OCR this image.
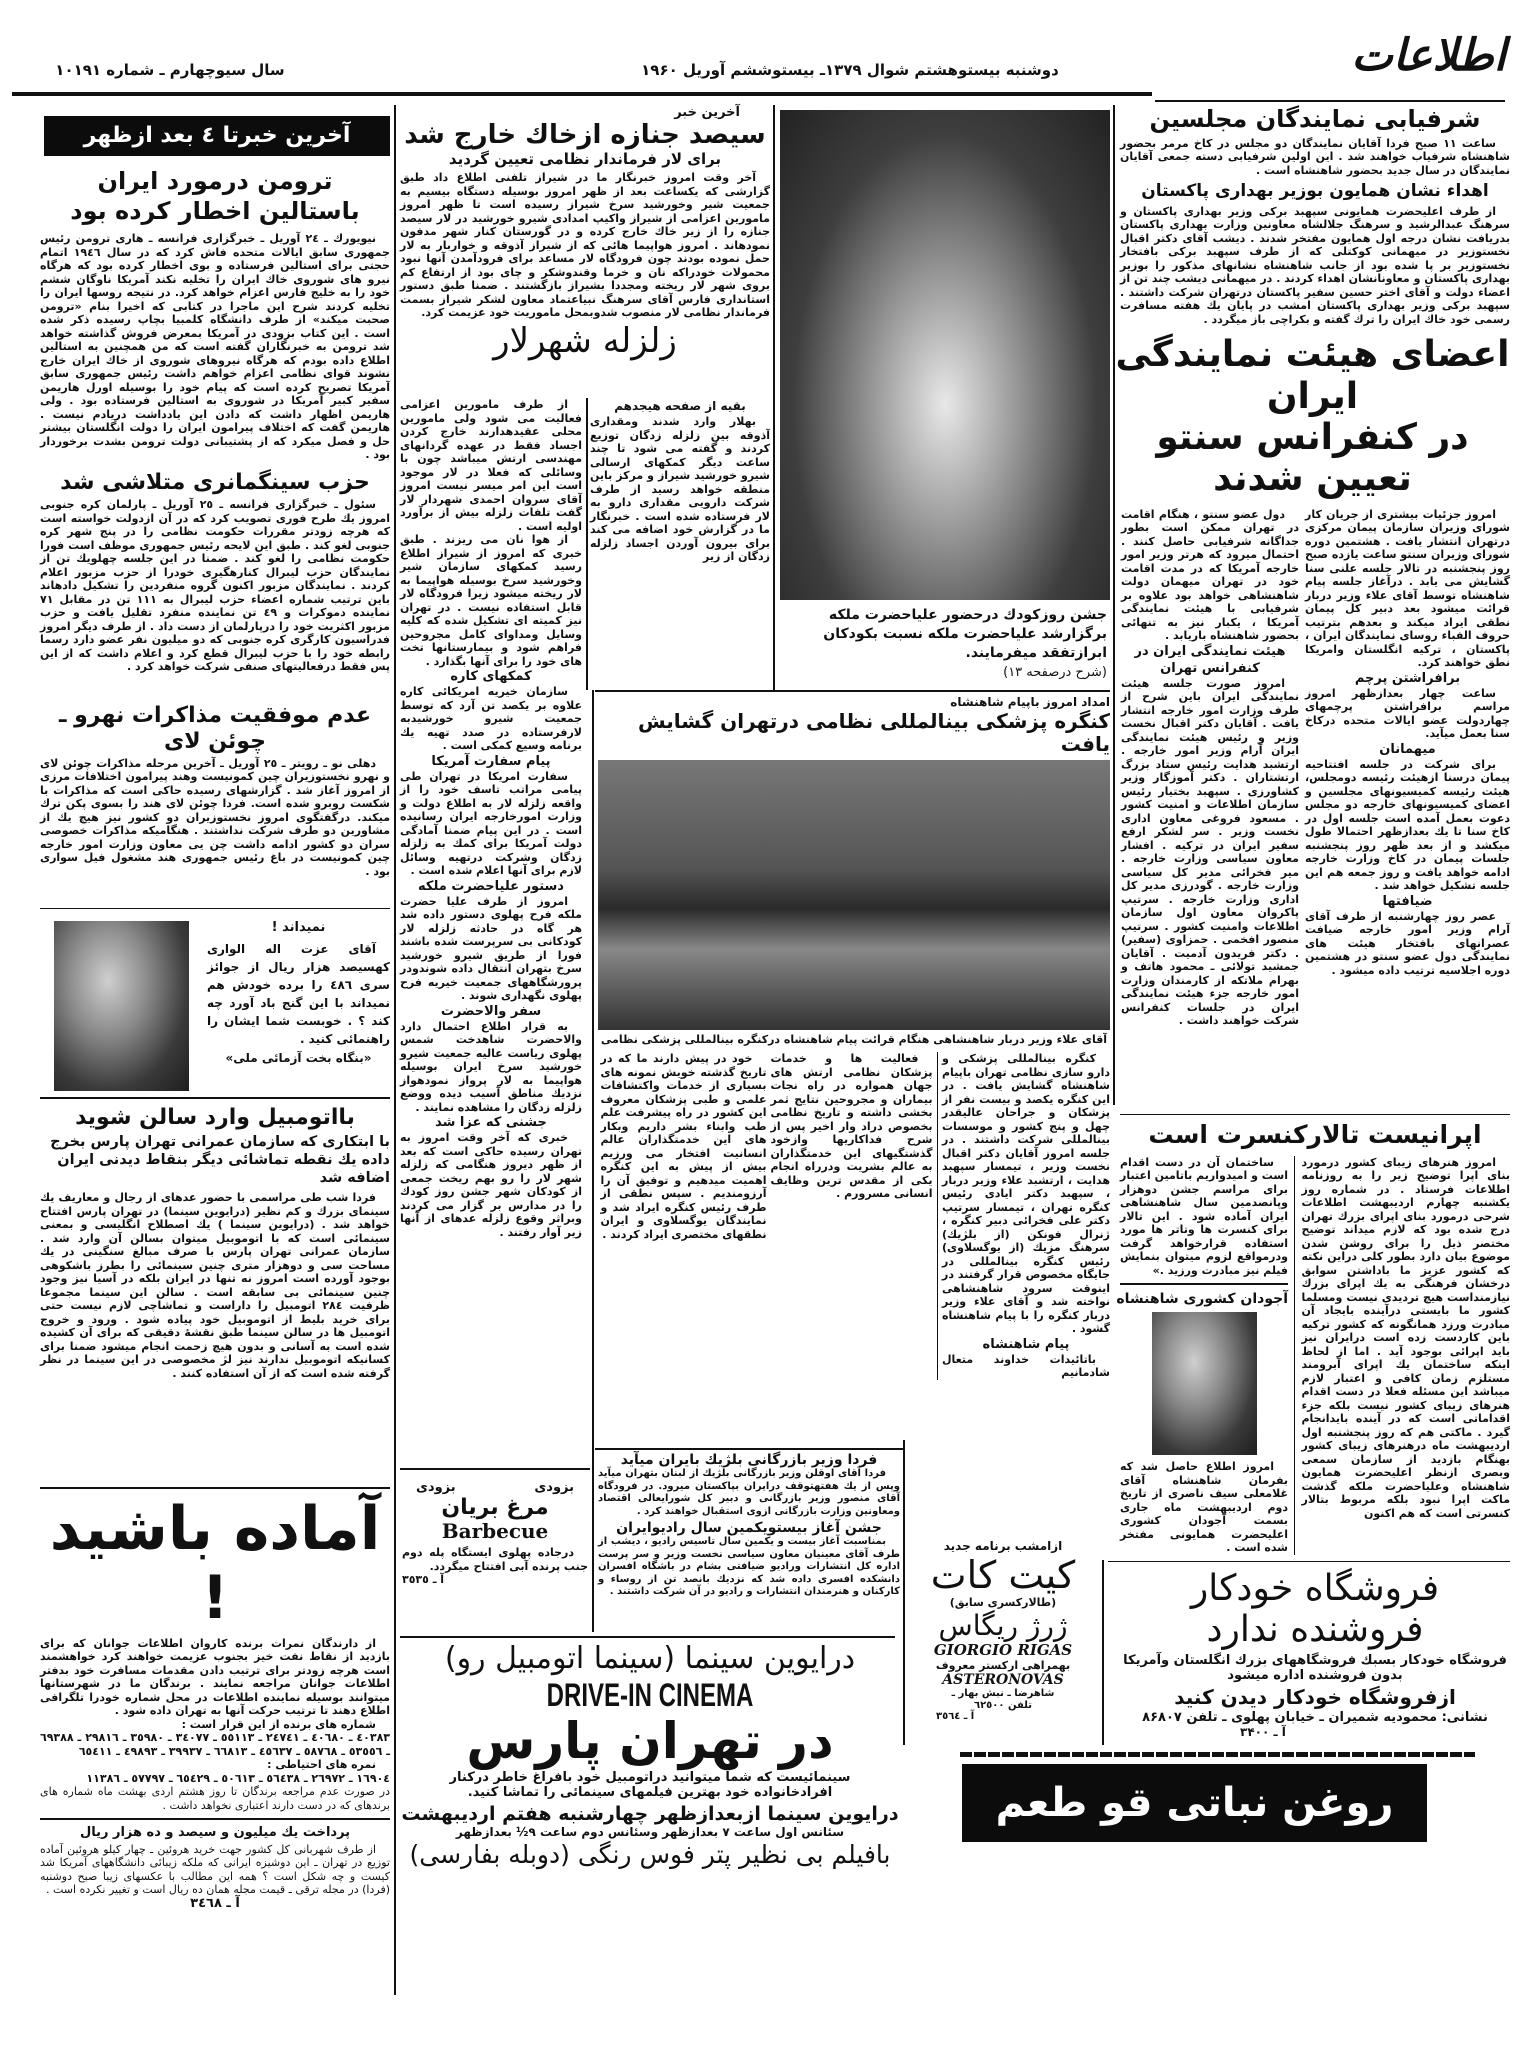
اطلاعات
دوشنبه بیستوهشتم شوال ۱۳۷۹ـ بیستوششم آوریل ۱۹۶۰
سال سیوچهارم ـ شماره ۱۰۱۹۱
شرفیابی نمایندگان مجلسین
ساعت ۱۱ صبح فردا آقایان نمایندگان دو مجلس در کاخ مرمر بحضور شاهنشاه شرفیاب خواهند شد . این اولین شرفیابی دسته جمعی آقایان نمایندگان در سال جدید بحضور شاهنشاه است .
اهداء نشان همایون بوزیر بهداری پاکستان
از طرف اعلیحضرت همایونی سپهبد برکی وزیر بهداری پاکستان و سرهنگ عبدالرشید و سرهنگ جلالشاه معاونین وزارت بهداری پاکستان بدریافت نشان درجه اول همایون مفتخر شدند . دیشب آقای دکتر اقبال نخستوزیر در میهمانی کوکتلی که از طرف سپهبد برکی بافتخار نخستوزیر بر پا شده بود از جانب شاهنشاه نشانهای مذکور را بوزیر بهداری پاکستان و معاونانشان اهداء کردند . در میهمانی دیشب چند تن از اعضاء دولت و آقای اختر حسین سفیر پاکستان درتهران شرکت داشتند . سپهبد برکی وزیر بهداری پاکستان امشب در پایان یك هفته مسافرت رسمی خود خاك ایران را ترك گفته و بکراچی باز میگردد .
اعضای هیئت نمایندگی ایران
در کنفرانس سنتو تعیین شدند
امروز جزئیات بیشتری از جریان کار شورای وزیران سازمان پیمان مرکزی درتهران انتشار یافت . هشتمین دوره شورای وزیران سنتو ساعت یازده صبح روز پنجشنبه در تالار جلسه علنی سنا گشایش می یابد . درآغاز جلسه پیام شاهنشاه توسط آقای علاء وزیر دربار قرائت میشود بعد دبیر کل پیمان نطقی ایراد میکند و بعدهم بترتیب حروف الفباء روسای نمایندگان ایران ، پاکستان ، ترکیه انگلستان وامریکا نطق خواهند کرد.
برافراشتن پرچم
ساعت چهار بعدازظهر امروز مراسم برافراشتن پرچمهای چهاردولت عضو ایالات متحده درکاخ سنا بعمل میآید.
میهمانان
برای شرکت در جلسه افتتاحیه پیمان درسنا ازهیئت رئیسه دومجلس، هیئت رئیسه کمیسیونهای مجلسین و اعضای کمیسیونهای خارجه دو مجلس دعوت بعمل آمده است جلسه اول در کاخ سنا تا یك بعدازظهر احتمالا طول میکشد و از بعد ظهر روز پنجشنبه جلسات پیمان در کاخ وزارت خارجه ادامه خواهد یافت و روز جمعه هم این جلسه تشکیل خواهد شد .
ضیافتها
عصر روز چهارشنبه از طرف آقای آرام وزیر امور خارجه ضیافت عصرانهای بافتخار هیئت های نمایندگی دول عضو سنتو در هشتمین دوره اجلاسیه ترتیب داده میشود .
دول عضو سنتو ، هنگام اقامت در تهران ممکن است بطور جداگانه شرفیابی حاصل کنند . احتمال میرود که هرتر وزیر امور خارجه آمریکا که در مدت اقامت خود در تهران میهمان دولت شاهنشاهی خواهد بود علاوه بر شرفیابی با هیئت نمایندگی آمریکا ، یکبار نیز به تنهائی بحضور شاهنشاه باریابد .
هیئت نمایندگی ایران در کنفرانس تهران
امروز صورت جلسه هیئت نمایندگی ایران باین شرح از طرف وزارت امور خارجه انتشار یافت . آقایان دکتر اقبال نخست وزیر و رئیس هیئت نمایندگی ایران آرام وزیر امور خارجه . ارتشبد هدایت رئیس ستاد بزرگ ارتشتاران . دکتر آموزگار وزیر کشاورزی . سپهبد بختیار رئیس سازمان اطلاعات و امنیت کشور . مسعود فروغی معاون اداری نخست وزیر . سر لشکر ارفع سفیر ایران در ترکیه . افشار معاون سیاسی وزارت خارجه . میر فخرائی مدیر کل سیاسی وزارت خارجه . گودرزی مدیر کل اداری وزارت خارجه . سرتیپ پاکروان معاون اول سازمان اطلاعات وامنیت کشور . سرتیپ منصور افخمی . حمزاوی (سفیر) . دکتر فریدون آدمیت . آقایان جمشید تولائی ـ محمود هاتف و بهرام ملاتکه از کارمندان وزارت امور خارجه جزء هیئت نمایندگی ایران در جلسات کنفرانس شرکت خواهند داشت .
اپرانیست تالارکنسرت است
امروز هنرهای زیبای کشور درمورد بنای اپرا توضیح زیر را به روزنامه اطلاعات فرستاد . در شماره روز یکشنبه چهارم اردیبهشت اطلاعات شرحی درمورد بنای اپرای بزرك تهران درج شده بود که لازم میداند توضیح مختصر ذیل را برای روشن شدن موضوع بیان دارد بطور کلی دراین نکته که کشور عزیز ما باداشتن سوابق درخشان فرهنگی به یك اپرای بزرك نیازمنداست هیچ تردیدی نیست ومسلما کشور ما بایستی درآینده بایجاد آن مبادرت ورزد همانگونه که کشور ترکیه باین کاردست زده است درایران نیز باید اپرائی بوجود آید . اما از لحاظ اینکه ساختمان یك اپرای آبرومند مستلزم زمان کافی و اعتبار لازم میباشد این مسئله فعلا در دست اقدام هنرهای زیبای کشور نیست بلکه جزء اقداماتی است که در آینده بایدانجام گیرد . ماکتی هم که روز پنجشنبه اول اردیبهشت ماه درهنرهای زیبای کشور بهنگام بازدید از سازمان سمعی وبصری ازنظر اعلیحضرت همایون شاهنشاه وعلیاحضرت ملکه گذشت ماکت اپرا نبود بلکه مربوط بتالار کنسرتی است که هم اکنون
ساختمان آن در دست اقدام است و امیدواریم باتامین اعتبار برای مراسم جشن دوهزار وپانصدمین سال شاهنشاهی ایران آماده شود . این تالار برای کنسرت ها وتاتر ها مورد استفاده قرارخواهد گرفت ودرمواقع لزوم میتوان بنمایش فیلم نیز مبادرت ورزید .»
آجودان کشوری شاهنشاه
امروز اطلاع حاصل شد که بفرمان شاهنشاه آقای غلامعلی سیف ناصری از تاریخ دوم اردیبهشت ماه جاری بسمت آجودان کشوری اعلیحضرت همایونی مفتخر شده است .
فروشگاه خودکار
فروشنده ندارد
فروشگاه خودکار بسبك فروشگاههای بزرك انگلستان وآمریکا بدون فروشنده اداره میشود
ازفروشگاه خودکار دیدن کنید
نشانی: محمودیه شمیران ـ خیابان پهلوی ـ تلفن ۸۶۸۰۷
آ ـ ۳۴۰۰
روغن نباتی قو طعم کره دارد
آخرین خبرتا ٤ بعد ازظهر
ترومن درمورد ایران باستالین اخطار کرده بود
نیویورك ـ ٢٤ آوریل ـ خبرگزاری فرانسه ـ هاری ترومن رئیس جمهوری سابق ایالات متحده فاش کرد که در سال ۱۹٤٦ اتمام حجتی برای استالین فرستاده و بوی اخطار کرده بود که هرگاه نیرو های شوروی خاك ایران را تخلیه نکند آمریکا ناوگان ششم خود را به خلیج فارس اعزام خواهد کرد. در نتیجه روسها ایران را تخلیه کردند شرح این ماجرا در کتابی که اخیرا بنام «ترومن صحبت میکند» از طرف دانشگاه کلمبیا بچاپ رسیده ذکر شده است . این کتاب بزودی در آمریکا بمعرض فروش گذاشته خواهد شد ترومن به خبرنگاران گفته است که من همچنین به استالین اطلاع داده بودم که هرگاه نیروهای شوروی از خاك ایران خارج نشوند قوای نظامی اعزام خواهم داشت رئیس جمهوری سابق آمریکا تصریح کرده است که پیام خود را بوسیله اورل هاریمن سفیر کبیر آمریکا در شوروی به استالین فرستاده بود . ولی هاریمن اظهار داشت که دادن این یادداشت دریادم نیست . هاریمن گفت که اختلاف پیرامون ایران را دولت انگلستان بیشتر حل و فصل میکرد که از پشتیبانی دولت ترومن بشدت برخوردار بود .
حزب سینگمانری متلاشی شد
سئول ـ خبرگزاری فرانسه ـ ٢٥ آوریل ـ پارلمان کره جنوبی امروز یك طرح فوری تصویب کرد که در آن ازدولت خواسته است که هرچه زودتر مقررات حکومت نظامی را در پنج شهر کره جنوبی لغو کند . طبق این لایحه رئیس جمهوری موظف است فورا حکومت نظامی را لغو کند . ضمنا در این جلسه چهلویك تن از نمایندگان حزب لیبرال کنارهگیری خودرا از حزب مزبور اعلام کردند . نمایندگان مزبور اکنون گروه منفردین را تشکیل دادهاند باین ترتیب شماره اعضاء حزب لیبرال به ۱۱۱ تن در مقابل ۷۱ نماینده دموکرات و ٤٩ تن نماینده منفرد تقلیل یافت و حزب مزبور اکثریت خود را درپارلمان از دست داد . از طرف دیگر امروز فدراسیون کارگری کره جنوبی که دو میلیون نفر عضو دارد رسما رابطه خود را با حزب لیبرال قطع کرد و اعلام داشت که از این پس فقط درفعالیتهای صنفی شرکت خواهد کرد .
عدم موفقیت مذاکرات نهرو ـ چوئن لای
دهلی نو ـ رویتر ـ ٢٥ آوریل ـ آخرین مرحله مذاکرات چوئن لای و نهرو نخستوزیران چین کمونیست وهند پیرامون اختلافات مرزی از امروز آغاز شد . گزارشهای رسیده حاکی است که مذاکرات با شکست روبرو شده است. فردا چوئن لای هند را بسوی پکن ترك میکند. درگفتگوی امروز نخستوزیران دو کشور نیز هیچ یك از مشاورین دو طرف شرکت نداشتند . هنگامیکه مذاکرات خصوصی سران دو کشور ادامه داشت چن یی معاون وزارت امور خارجه چین کمونیست در باغ رئیس جمهوری هند مشغول فیل سواری بود .
نمیداند !
آقای عزت اله الواری کهسیصد هزار ریال از جوائز سری ٤٨٦ را برده خودش هم نمیداند با این گنج باد آورد چه کند ؟ . خوبست شما ایشان را راهنمائی کنید .
«بنگاه بخت آزمائی ملی»
بااتومبیل وارد سالن شوید
با ابتکاری که سازمان عمرانی تهران پارس بخرج داده یك نقطه تماشائی دیگر بنقاط دیدنی ایران اضافه شد
فردا شب طی مراسمی با حضور عدهای از رجال و معاریف یك سینمای بزرك و کم نظیر (درایوین سینما) در تهران پارس افتتاح خواهد شد . (درایوین سینما ) یك اصطلاح انگلیسی و بمعنی سینمائی است که با اتوموبیل میتوان بسالن آن وارد شد . سازمان عمرانی تهران پارس با صرف مبالغ سنگینی در یك مساحت سی و دوهزار متری چنین سینمائی را بطرز باشکوهی بوجود آورده است امروز نه تنها در ایران بلکه در آسیا نیز وجود چنین سینمائی بی سابقه است . سالن این سینما مجموعا ظرفیت ٢٨٤ اتومبیل را داراست و تماشاچی لازم نیست حتی برای خرید بلیط از اتوموبیل خود پیاده شود . ورود و خروج اتومبیل ها در سالن سینما طبق نقشهٔ دقیقی که برای آن کشیده شده است به آسانی و بدون هیچ زحمت انجام میشود ضمنا برای کسانیکه اتوموبیل ندارند نیز لژ مخصوصی در این سینما در نظر گرفته شده است که از آن استفاده کنند .
آماده باشید !
از دارندگان نمرات برنده کاروان اطلاعات جوانان که برای بازدید از نقاط نفت خیز بجنوب عزیمت خواهند کرد خواهشمند است هرچه زودتر برای ترتیب دادن مقدمات مسافرت خود بدفتر اطلاعات جوانان مراجعه نمایند . برندگان ما در شهرستانها میتوانند بوسیله نماینده اطلاعات در محل شماره خودرا تلگرافی اطلاع دهند تا ترتیب حرکت آنها به تهران داده شود .
شماره های برنده از این قرار است :
٤٠٣٨٣ ـ ٤٠٦٨٠ ـ ٢٤٧٤١ ـ ٥٥١١٣ ـ ٣٤٠٧٧ ـ ٣٥٩٨٠ ـ ٢٩٨١٦ ـ ٦٩٣٨٨ ـ ٥٣٥٥٦ ـ ٥٨٧٦٨ ـ ٤٥٦٣٧ ـ ٦٦٨١٣ ـ ٣٩٩٣٧ ـ ٤٩٨٩٣ ـ ٦٥٤١١
نمره های احتیاطی :
١٦٩٠٤ ـ ٢٦٩٧٢ ـ ٥٦٤٣٨ ـ ٥٠٦١٣ ـ ٦٥٤٢٩ ـ ٥٧٧٩٧ ـ ١١٣٨٦
در صورت عدم مراجعه برندگان تا روز هشتم اردی بهشت ماه شماره های برندهای که در دست دارند اعتباری نخواهد داشت .
پرداخت یك میلیون و سیصد و ده هزار ریال
از طرف شهربانی کل کشور جهت خرید هروئین ـ چهار کیلو هروئین آماده توزیع در تهران ـ این دوشیزه ایرانی که ملکه زیبائی دانشگاههای آمریکا شد کیست و چه شکل است ؟ همه این مطالب با عکسهای زیبا صبح دوشنبه (فردا) در مجله ترقی ـ قیمت مجله همان ده ریال است و تغییر نکرده است .
آ ـ ٣٤٦٨
آخرین خبر
سیصد جنازه ازخاك خارج شد
برای لار فرماندار نظامی تعیین گردید
آخر وقت امروز خبرنگار ما در شیراز تلفنی اطلاع داد طبق گزارشی که یکساعت بعد از ظهر امروز بوسیله دستگاه بیسیم به جمعیت شیر وخورشید سرخ شیراز رسیده است تا ظهر امروز مامورین اعزامی از شیراز واکیپ امدادی شیرو خورشید در لار سیصد جنازه را از زیر خاك خارج کرده و در گورستان کنار شهر مدفون نمودهاند . امروز هواپیما هائی که از شیراز آذوقه و خواربار به لار حمل نموده بودند چون فرودگاه لار مساعد برای فرودآمدن آنها نبود محمولات خودراکه نان و خرما وقندوشکر و چای بود از ارتفاع کم بروی شهر لار ریخته ومجددا بشیراز بازگشتند . ضمنا طبق دستور استانداری فارس آقای سرهنگ نبیاعتماد معاون لشکر شیراز بسمت فرماندار نظامی لار منصوب شدوبمحل ماموریت خود عزیمت کرد.
زلزله شهرلار
بقیه از صفحه هیجدهم
بهلار وارد شدند ومقداری آذوقه بین زلزله زدگان توزیع کردند و گفته می شود تا چند ساعت دیگر کمکهای ارسالی شیرو خورشید شیراز و مرکز باین منطقه خواهد رسید از طرف شرکت دارویی مقداری دارو به لار فرستاده شده است . خبرنگار ما در گزارش خود اضافه می کند برای بیرون آوردن اجساد زلزله زدگان از زیر
از طرف مامورین اعزامی فعالیت می شود ولی مامورین محلی عقیدهدارند خارج کردن اجساد فقط در عهده گردانهای مهندسی ارتش میباشد چون با وسائلی که فعلا در لار موجود است این امر میسر نیست امروز آقای سروان احمدی شهردار لار گفت تلفات زلزله بیش از برآورد اولیه است .
از هوا نان می ریزند . طبق خبری که امروز از شیراز اطلاع رسید کمکهای سازمان شیر وخورشید سرخ بوسیله هواپیما به لار ریخته میشود زیرا فرودگاه لار قابل استفاده نیست . در تهران نیز کمیته ای تشکیل شده که کلیه وسایل ومداوای کامل مجروحین فراهم شود و بیمارستانها تخت های خود را برای آنها بگذارد .
کمکهای کاره
سازمان خیریه امریکائی کاره علاوه بر یکصد تن آرد که توسط جمعیت شیرو خورشیدبه لارفرستاده در صدد تهیه یك برنامه وسیع کمکی است .
پیام سفارت آمریکا
سفارت امریکا در تهران طی پیامی مراتب تاسف خود را از واقعه زلزله لار به اطلاع دولت و وزارت امورخارجه ایران رسانیده است . در این پیام ضمنا آمادگی دولت آمریکا برای کمك به زلزله زدگان وشرکت درتهیه وسائل لازم برای آنها اعلام شده است .
دستور علیاحضرت ملکه
امروز از طرف علیا حضرت ملکه فرح پهلوی دستور داده شد هر گاه در حادثه زلزله لار کودکانی بی سرپرست شده باشند فورا از طریق شیرو خورشید سرخ بتهران انتقال داده شوندودر پرورشگاههای جمعیت خیریه فرح پهلوی نگهداری شوند .
سفر والاحضرت
به قرار اطلاع احتمال دارد والاحضرت شاهدخت شمس پهلوی ریاست عالیه جمعیت شیرو خورشید سرخ ایران بوسیله هواپیما به لار پرواز نمودهواز نزدیك مناطق آسیب دیده ووضع زلزله زدگان را مشاهده نمایند .
جشنی که عزا شد
خبری که آخر وقت امروز به تهران رسیده حاکی است که بعد از ظهر دیروز هنگامی که زلزله شهر لار را رو بهم ریخت جمعی از کودکان شهر جشن روز کودك را در مدارس بر گزار می کردند وبراثر وقوع زلزله عدهای از آنها زیر آوار رفتند .
جشن روزکودك درحضور علیاحضرت ملکه برگزارشد علیاحضرت ملکه نسبت بکودکان ابرازتفقد میفرمایند.
(شرح درصفحه ۱۳)
امداد امروز باپیام شاهنشاه
کنگره پزشکی بینالمللی نظامی درتهران گشایش یافت
آقای علاء وزیر دربار شاهنشاهی هنگام قرائت پیام شاهنشاه درکنگره بینالمللی پزشکی نظامی
کنگره بینالمللی پزشکی و دارو سازی نظامی تهران باپیام شاهنشاه گشایش یافت . در این کنگره یکصد و بیست نفر از پزشکان و جراحان عالیقدر چهل و پنج کشور و موسسات بینالمللی شرکت داشتند . در جلسه امروز آقایان دکتر اقبال نخست وزیر ، تیمسار سپهبد هدایت ، ارتشبد علاء وزیر دربار ، سپهبد دکتر ایادی رئیس کنگره تهران ، تیمسار سرتیپ دکتر علی فخرائی دبیر کنگره ، ژنرال فونکن (از بلژیك) سرهنگ مزیك (از یوگسلاوی) رئیس کنگره بینالمللی در جایگاه مخصوص قرار گرفتند در اینوقت سرود شاهنشاهی نواخته شد و آقای علاء وزیر دربار کنگره را با پیام شاهنشاه گشود .
پیام شاهنشاه
باتائیدات خداوند متعال شادمانیم
فعالیت ها و خدمات پزشکان نظامی ارتش های جهان همواره در راه نجات بیماران و مجروحین نتایج ثمر بخشی داشته و تاریخ نظامی بخصوص دراد وار اخیر پس از شرح فداکاریها وازخود گذشتگیهای این خدمتگذاران به عالم بشریت ودرراه انجام یکی از مقدس ترین وظایف انسانی مسرورم .
خود در پیش دارند ما که در تاریخ گذشته خویش نمونه های بسیاری از خدمات واکتشافات علمی و طبی پزشکان معروف این کشور در راه پیشرفت علم طب وابناء بشر داریم وبکار های این خدمتگذاران عالم انسانیت افتخار می ورزیم بیش از پیش به این کنگره اهمیت میدهیم و توفیق آن را آرزومندیم . سپس نطقی از طرف رئیس کنگره ایراد شد و نمایندگان یوگسلاوی و ایران نطقهای مختصری ایراد کردند .
فردا وزیر بازرگانی بلژیك بایران میآید
فردا آقای اوقلن وزیر بازرگانی بلژیك از لبنان بتهران میآید وپس از یك هفتهتوقف درایران بپاکستان میرود. در فرودگاه آقای منصور وزیر بازرگانی و دبیر کل شورایعالی اقتصاد ومعاونین وزارت بازرگانی ازوی استقبال خواهند کرد .
جشن آغاز بیستویکمین سال رادیوایران
بمناسبت آغاز بیست و یکمین سال تاسیس رادیو ، دیشب از طرف آقای معینیان معاون سیاسی نخست وزیر و سر پرست اداره کل انتشارات ورادیو ضیافتی بشام در باشگاه افسران دانشکده افسری داده شد که نزدیك بانصد تن از روساء و کارکنان و هنرمندان انتشارات و رادیو در آن شرکت داشتند .
بزودی
بزودی
مرغ بریان
Barbecue
درجاده پهلوی ایستگاه پله دوم جنب پرنده آبی افتتاح میگردد.
آ ـ ٣٥٣٥
درایوین سینما (سینما اتومبیل رو)
DRIVE-IN CINEMA
در تهران پارس
سینمائیست که شما میتوانید دراتومبیل خود بافراغ خاطر درکنار افرادخانواده خود بهترین فیلمهای سینمائی را تماشا کنید.
درایوین سینما ازبعدازظهر چهارشنبه هفتم اردیبهشت
سئانس اول ساعت ۷ بعدازظهر وسئانس دوم ساعت ۹½ بعدازظهر
بافیلم بی نظیر پتر فوس رنگی (دوبله بفارسی)
ازامشب برنامه جدید
کیت کات
(طالارکسری سابق)
ژرژ ریگاس
GIORGIO RIGAS
بهمراهی ارکستر معروف
ASTERONOVAS
شاهرضا ـ نبش بهار ـ
تلفن ٦٢٥٠٠
آ ـ ٣٥٦٤
